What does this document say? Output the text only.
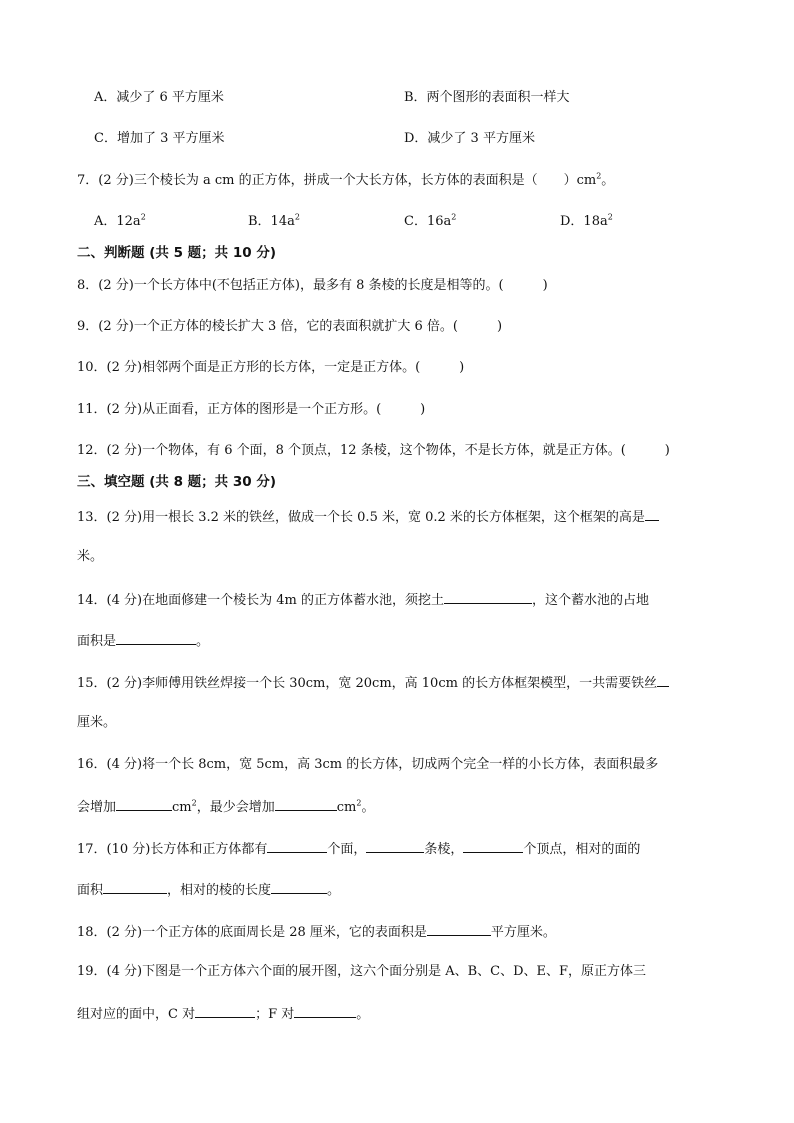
A．减少了 6 平方厘米	B．两个图形的表面积一样大
C．增加了 3 平方厘米	D．减少了 3 平方厘米
7．(2 分)三个棱长为 a cm 的正方体，拼成一个大长方体，长方体的表面积是（　　）$cm^2$。
A．$12a^2$	B．$14a^2$	C．$16a^2$	D．$18a^2$
二、判断题 (共 5 题；共 10 分)
8．(2 分)一个长方体中(不包括正方体)，最多有 8 条棱的长度是相等的。(　　　)
9．(2 分)一个正方体的棱长扩大 3 倍，它的表面积就扩大 6 倍。(　　　)
10．(2 分)相邻两个面是正方形的长方体，一定是正方体。(　　　)
11．(2 分)从正面看，正方体的图形是一个正方形。(　　　)
12．(2 分)一个物体，有 6 个面，8 个顶点，12 条棱，这个物体，不是长方体，就是正方体。(　　　)
三、填空题 (共 8 题；共 30 分)
13．(2 分)用一根长 3.2 米的铁丝，做成一个长 0.5 米，宽 0.2 米的长方体框架，这个框架的高是
米。
14．(4 分)在地面修建一个棱长为 4m 的正方体蓄水池，须挖土	，这个蓄水池的占地
面积是	。
15．(2 分)李师傅用铁丝焊接一个长 30cm，宽 20cm，高 10cm 的长方体框架模型，一共需要铁丝
厘米。
16．(4 分)将一个长 8cm，宽 5cm，高 3cm 的长方体，切成两个完全一样的小长方体，表面积最多
会增加	$cm^2$，最少会增加	$cm^2$。
17．(10 分)长方体和正方体都有	个面，	条棱，	个顶点，相对的面的
面积	，相对的棱的长度	。
18．(2 分)一个正方体的底面周长是 28 厘米，它的表面积是	平方厘米。
19．(4 分)下图是一个正方体六个面的展开图，这六个面分别是 A、B、C、D、E、F，原正方体三
组对应的面中，C 对	；F 对	。
